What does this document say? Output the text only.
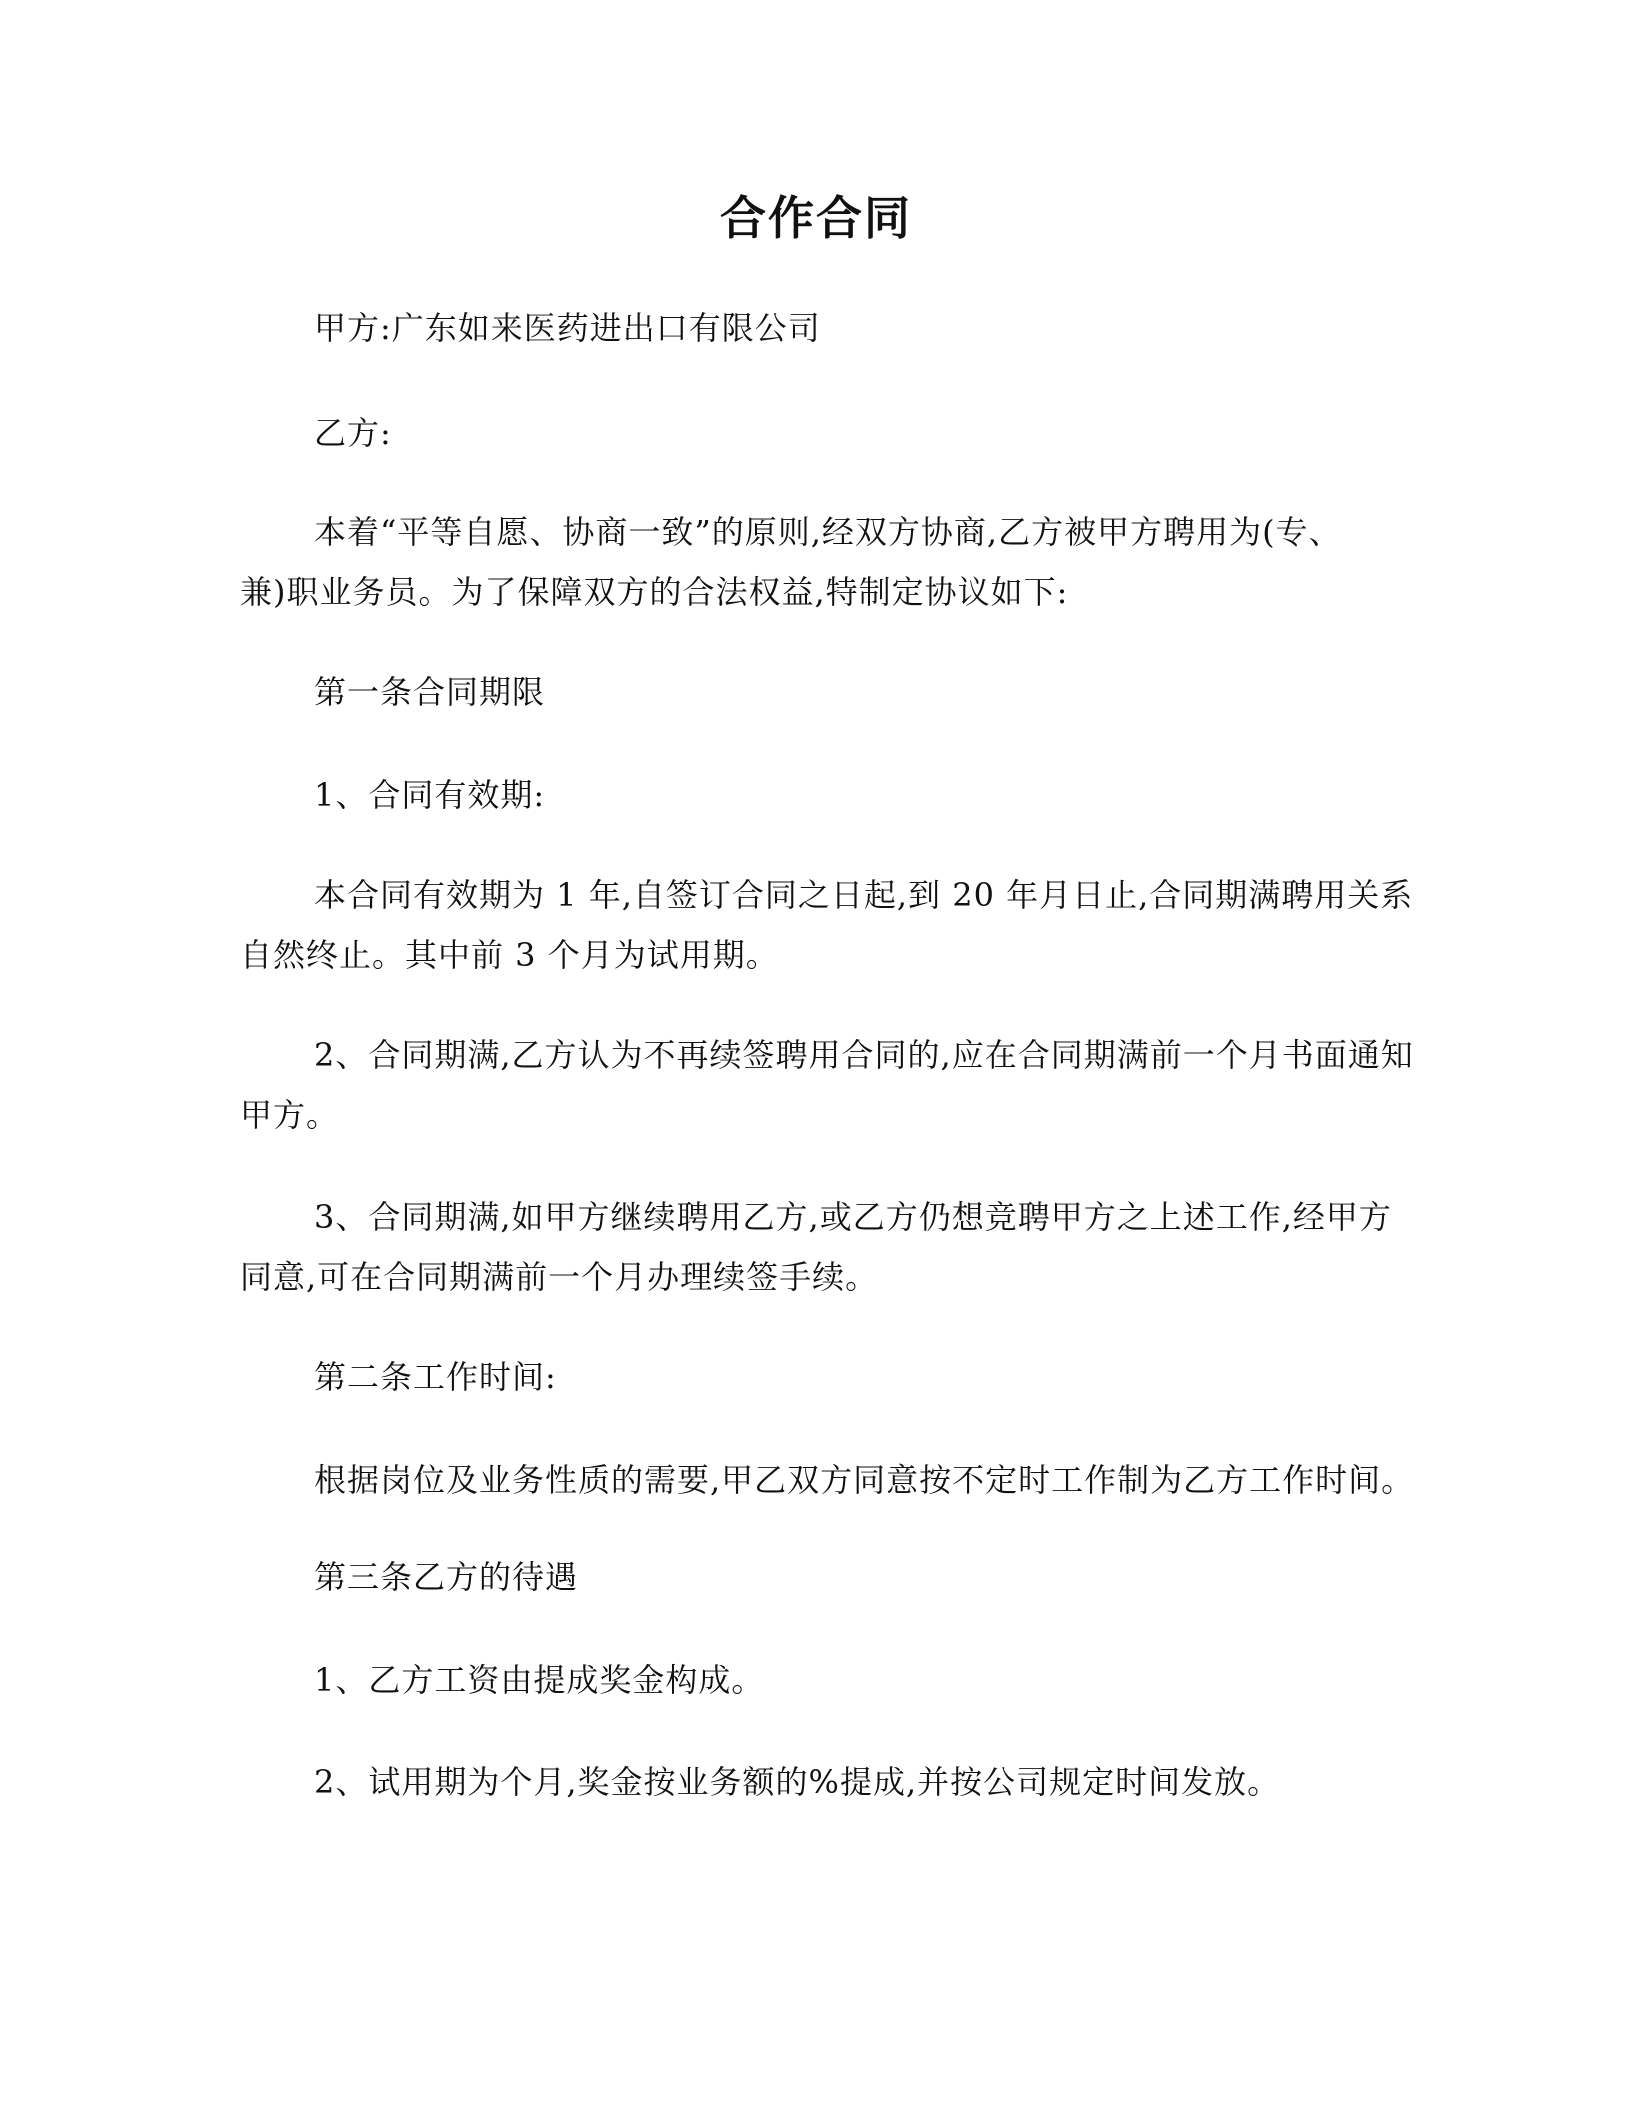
合作合同
甲方:广东如来医药进出口有限公司
乙方:
本着“平等自愿、协商一致”的原则,经双方协商,乙方被甲方聘用为(专、
兼)职业务员。为了保障双方的合法权益,特制定协议如下:
第一条合同期限
1、合同有效期:
本合同有效期为 1 年,自签订合同之日起,到 20 年月日止,合同期满聘用关系
自然终止。其中前 3 个月为试用期。
2、合同期满,乙方认为不再续签聘用合同的,应在合同期满前一个月书面通知
甲方。
3、合同期满,如甲方继续聘用乙方,或乙方仍想竞聘甲方之上述工作,经甲方
同意,可在合同期满前一个月办理续签手续。
第二条工作时间:
根据岗位及业务性质的需要,甲乙双方同意按不定时工作制为乙方工作时间。
第三条乙方的待遇
1、乙方工资由提成奖金构成。
2、试用期为个月,奖金按业务额的%提成,并按公司规定时间发放。
